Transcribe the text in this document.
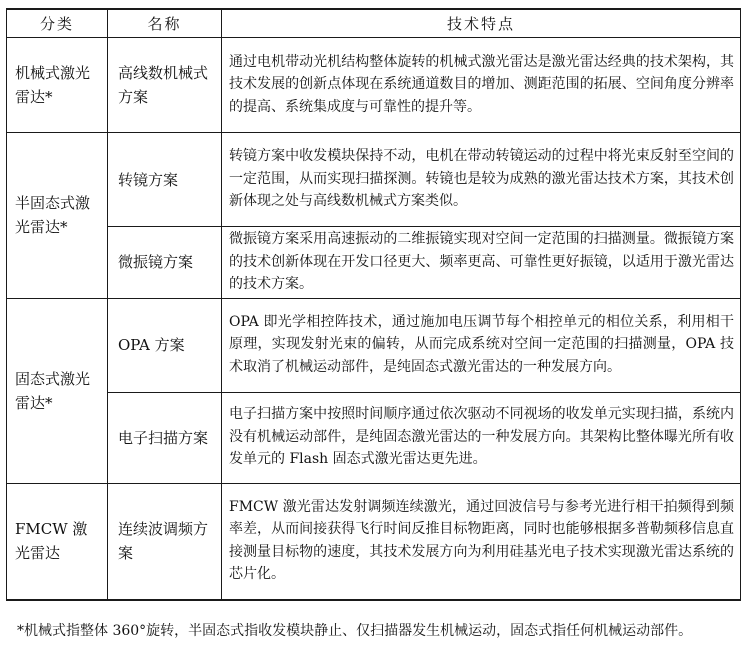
分类	名称	技术特点
机械式激光雷达*	高线数机械式方案	通过电机带动光机结构整体旋转的机械式激光雷达是激光雷达经典的技术架构，其技术发展的创新点体现在系统通道数目的增加、测距范围的拓展、空间角度分辨率的提高、系统集成度与可靠性的提升等。
半固态式激光雷达*	转镜方案	转镜方案中收发模块保持不动，电机在带动转镜运动的过程中将光束反射至空间的一定范围，从而实现扫描探测。转镜也是较为成熟的激光雷达技术方案，其技术创新体现之处与高线数机械式方案类似。
	微振镜方案	微振镜方案采用高速振动的二维振镜实现对空间一定范围的扫描测量。微振镜方案的技术创新体现在开发口径更大、频率更高、可靠性更好振镜，以适用于激光雷达的技术方案。
固态式激光雷达*	OPA 方案	OPA 即光学相控阵技术，通过施加电压调节每个相控单元的相位关系，利用相干原理，实现发射光束的偏转，从而完成系统对空间一定范围的扫描测量，OPA 技术取消了机械运动部件，是纯固态式激光雷达的一种发展方向。
	电子扫描方案	电子扫描方案中按照时间顺序通过依次驱动不同视场的收发单元实现扫描，系统内没有机械运动部件，是纯固态激光雷达的一种发展方向。其架构比整体曝光所有收发单元的 Flash 固态式激光雷达更先进。
FMCW 激光雷达	连续波调频方案	FMCW 激光雷达发射调频连续激光，通过回波信号与参考光进行相干拍频得到频率差，从而间接获得飞行时间反推目标物距离，同时也能够根据多普勒频移信息直接测量目标物的速度，其技术发展方向为利用硅基光电子技术实现激光雷达系统的芯片化。
*机械式指整体 360°旋转，半固态式指收发模块静止、仅扫描器发生机械运动，固态式指任何机械运动部件。
